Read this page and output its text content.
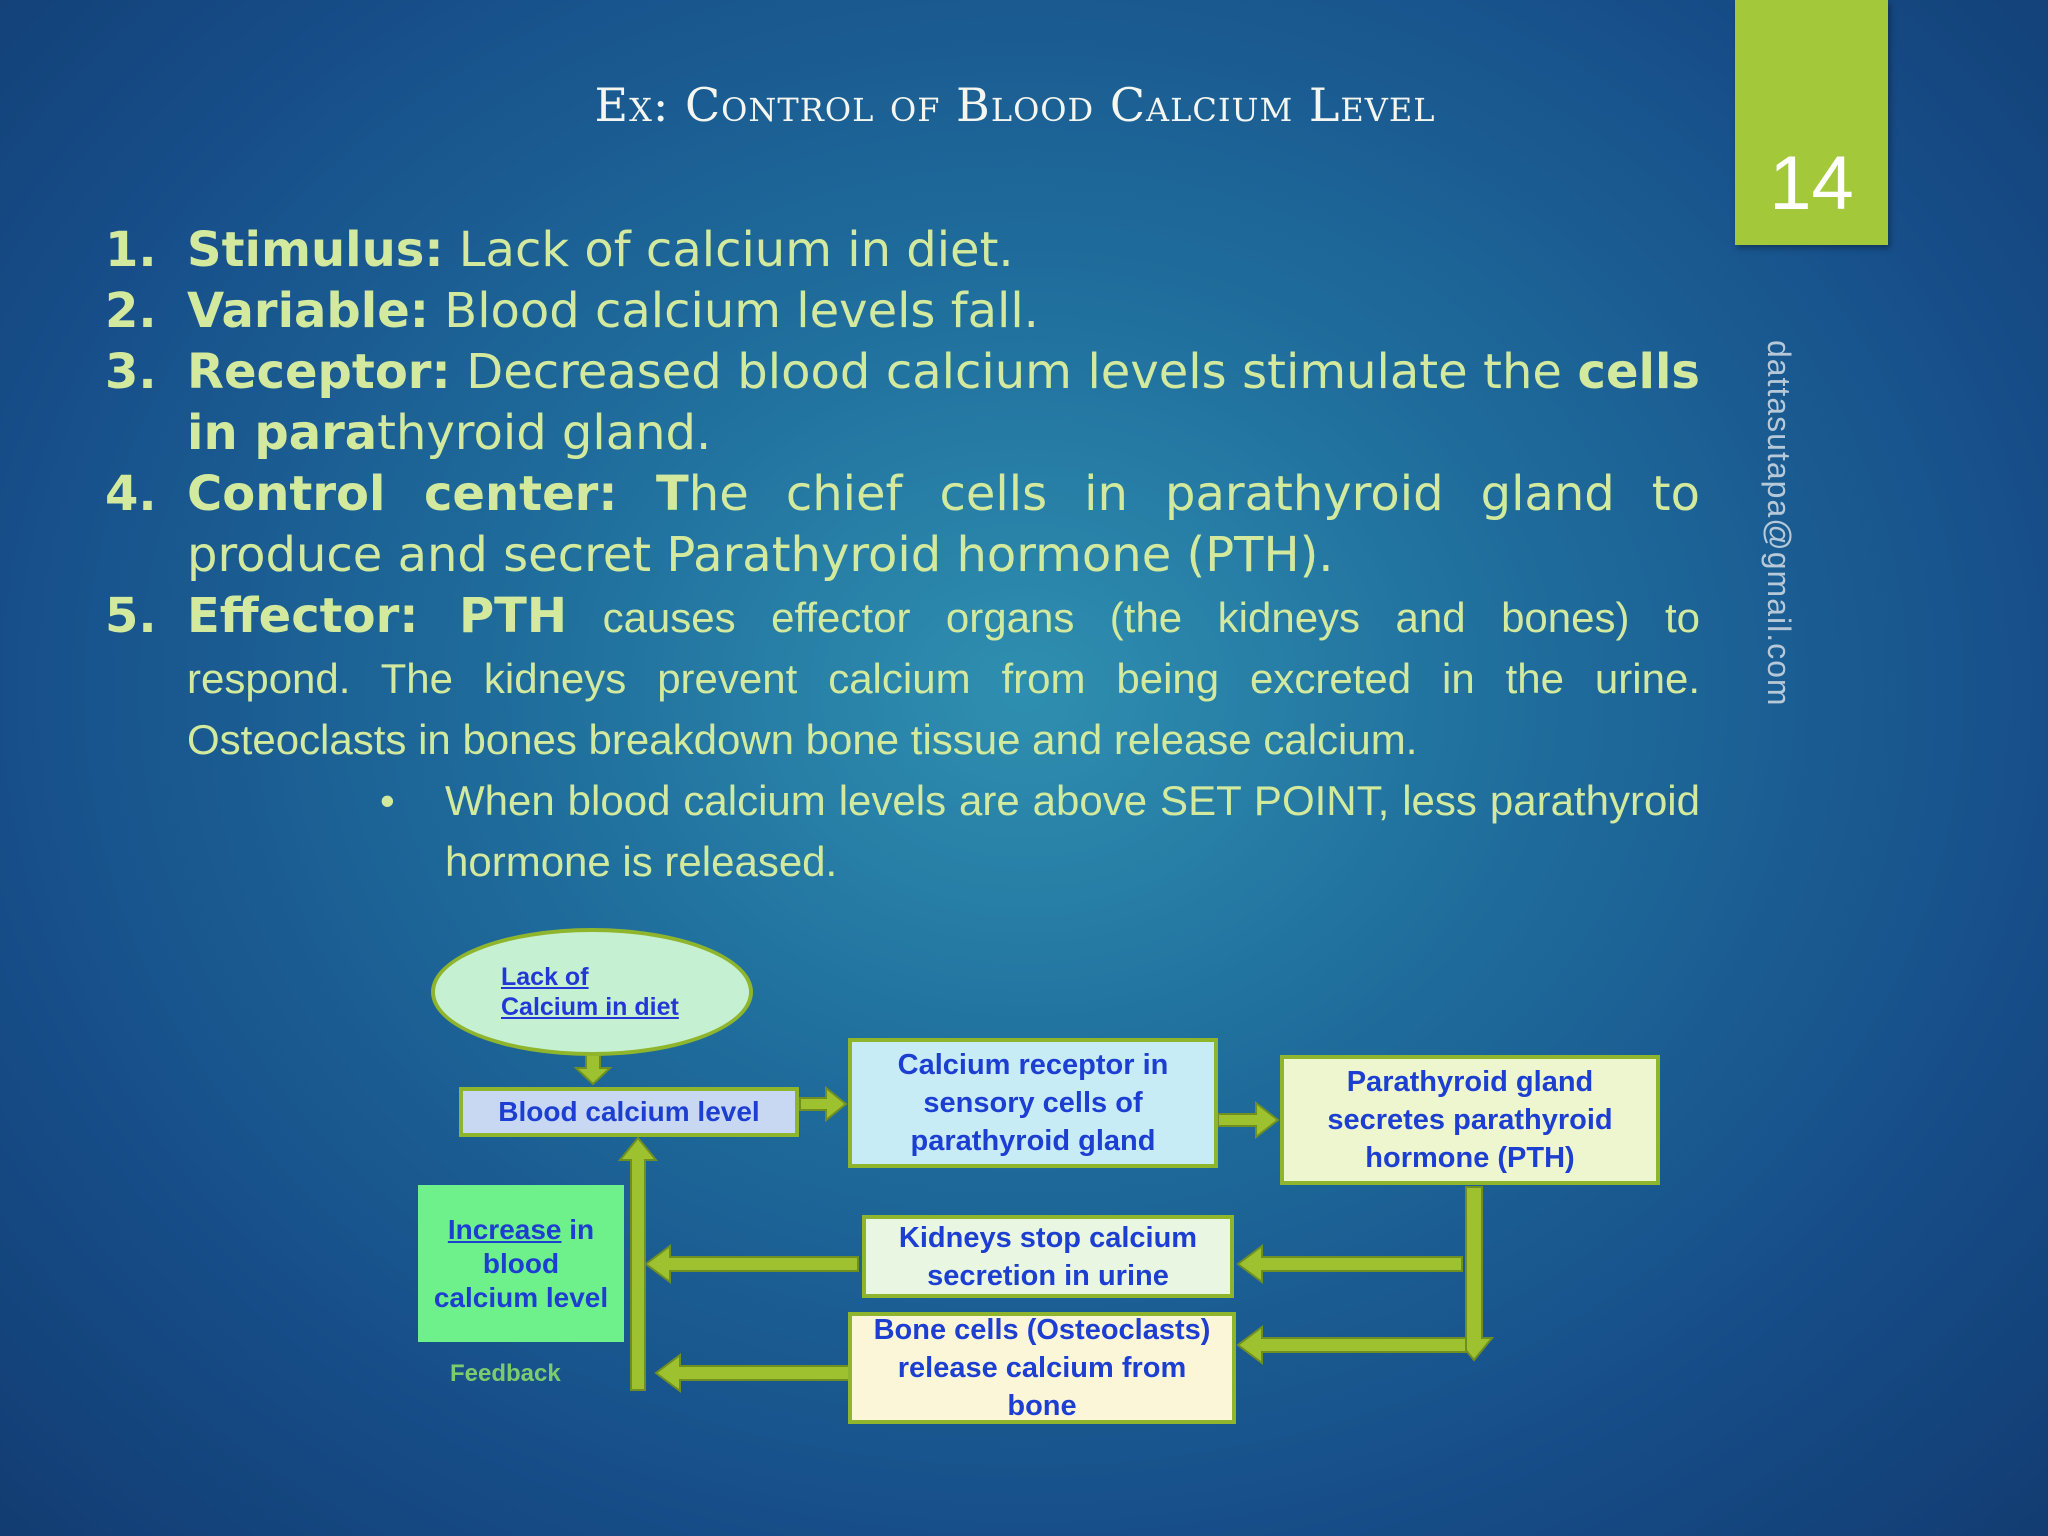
Ex: Control of Blood Calcium Level
14
dattasutapa@gmail.com
1. Stimulus: Lack of calcium in diet.
2. Variable: Blood calcium levels fall.
3. Receptor: Decreased blood calcium levels stimulate the cells in parathyroid gland.
4. Control center: The chief cells in parathyroid gland to produce and secret Parathyroid hormone (PTH).
5. Effector: PTH causes effector organs (the kidneys and bones) to
respond. The kidneys prevent calcium from being excreted in the urine. Osteoclasts in bones breakdown bone tissue and release calcium.
• When blood calcium levels are above SET POINT, less parathyroid hormone is released.
Lack of
Calcium in diet
Blood calcium level
Calcium receptor in sensory cells of parathyroid gland
Parathyroid gland secretes parathyroid hormone (PTH)
Kidneys stop calcium secretion in urine
Bone cells (Osteoclasts) release calcium from bone
Increase in blood calcium level
Feedback
